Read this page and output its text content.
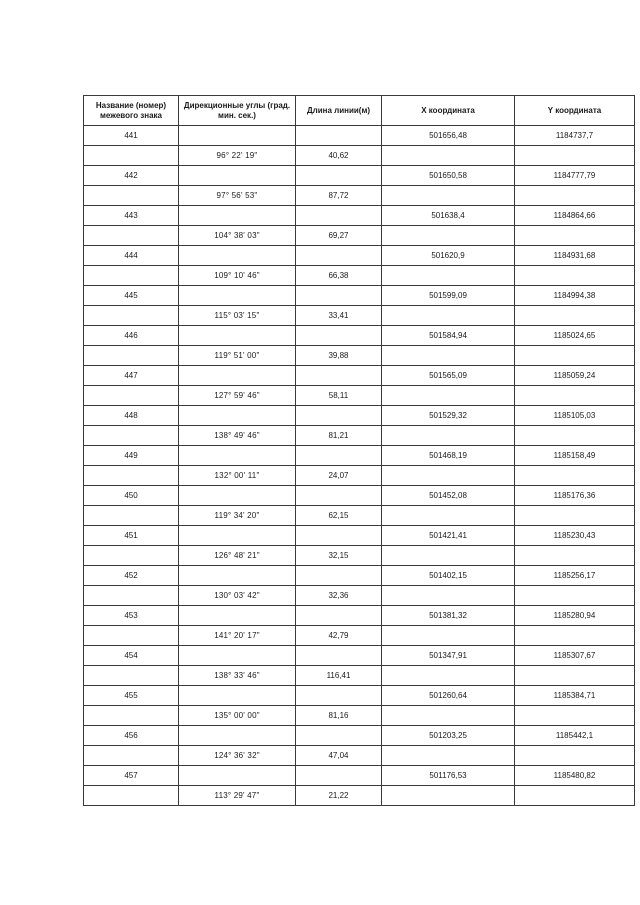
Название (номер) межевого знака	Дирекционные углы (град. мин. сек.)	Длина линии(м)	X координата	Y координата
441			501656,48	1184737,7
	96° 22' 19"	40,62		
442			501650,58	1184777,79
	97° 56' 53"	87,72		
443			501638,4	1184864,66
	104° 38' 03"	69,27		
444			501620,9	1184931,68
	109° 10' 46"	66,38		
445			501599,09	1184994,38
	115° 03' 15"	33,41		
446			501584,94	1185024,65
	119° 51' 00"	39,88		
447			501565,09	1185059,24
	127° 59' 46"	58,11		
448			501529,32	1185105,03
	138° 49' 46"	81,21		
449			501468,19	1185158,49
	132° 00' 11"	24,07		
450			501452,08	1185176,36
	119° 34' 20"	62,15		
451			501421,41	1185230,43
	126° 48' 21"	32,15		
452			501402,15	1185256,17
	130° 03' 42"	32,36		
453			501381,32	1185280,94
	141° 20' 17"	42,79		
454			501347,91	1185307,67
	138° 33' 46"	116,41		
455			501260,64	1185384,71
	135° 00' 00"	81,16		
456			501203,25	1185442,1
	124° 36' 32"	47,04		
457			501176,53	1185480,82
	113° 29' 47"	21,22		
